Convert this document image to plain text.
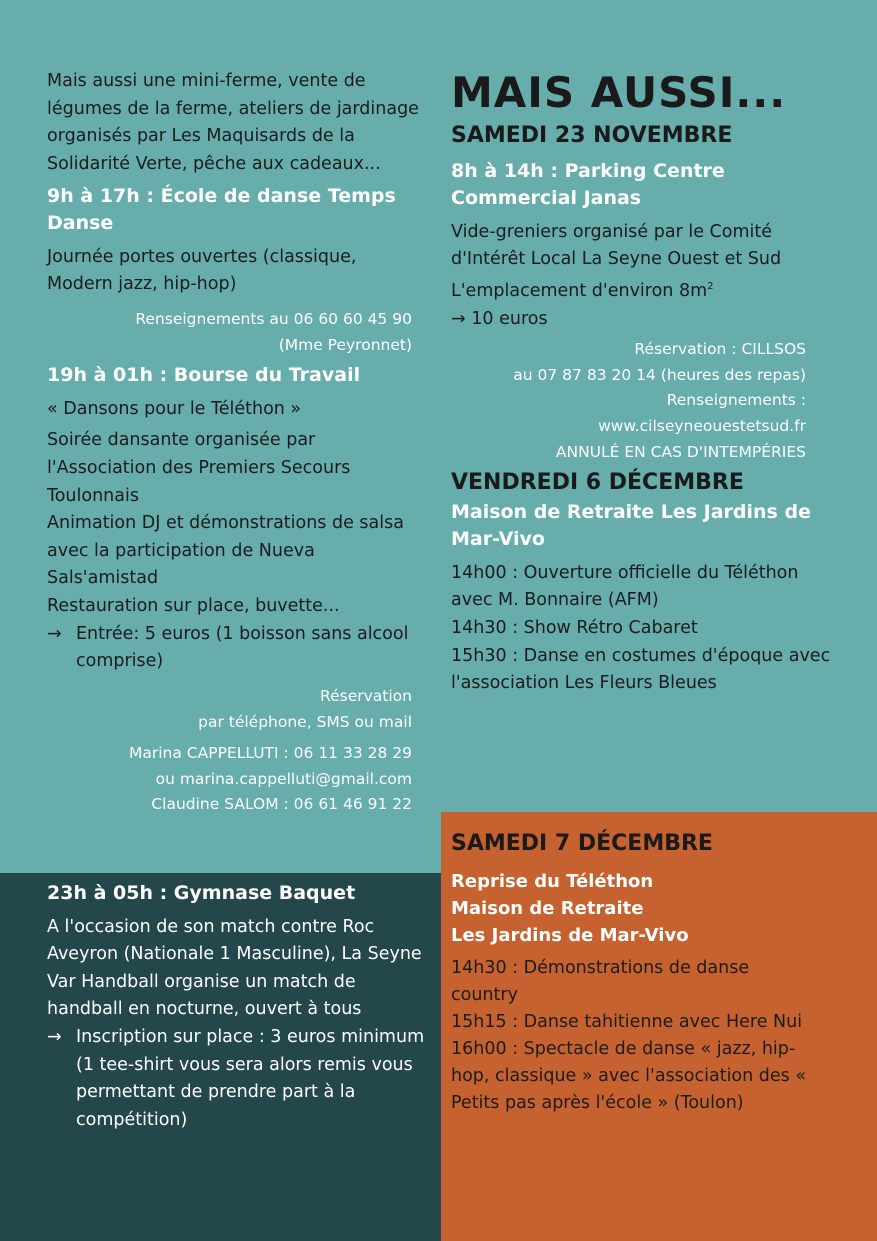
Mais aussi une mini-ferme, vente de légumes de la ferme, ateliers de jardinage organisés par Les Maquisards de la Solidarité Verte, pêche aux cadeaux...

9h à 17h : École de danse Temps Danse

Journée portes ouvertes (classique, Modern jazz, hip-hop)

Renseignements au 06 60 60 45 90
(Mme Peyronnet)
19h à 01h : Bourse du Travail

« Dansons pour le Téléthon »

Soirée dansante organisée par l'Association des Premiers Secours Toulonnais

Animation DJ et démonstrations de salsa avec la participation de Nueva Sals'amistad

Restauration sur place, buvette...

→ Entrée: 5 euros (1 boisson sans alcool comprise)
Réservation
par téléphone, SMS ou mail
Marina CAPPELLUTI : 06 11 33 28 29
ou marina.cappelluti@gmail.com
Claudine SALOM : 06 61 46 91 22
23h à 05h : Gymnase Baquet

A l'occasion de son match contre Roc Aveyron (Nationale 1 Masculine), La Seyne Var Handball organise un match de handball en nocturne, ouvert à tous

→ Inscription sur place : 3 euros minimum (1 tee-shirt vous sera alors remis vous permettant de prendre part à la compétition)
MAIS AUSSI...
SAMEDI 23 NOVEMBRE
8h à 14h : Parking Centre Commercial Janas

Vide-greniers organisé par le Comité d'Intérêt Local La Seyne Ouest et Sud

L'emplacement d'environ $8m^2$

→ 10 euros

Réservation : CILLSOS
au 07 87 83 20 14 (heures des repas)
Renseignements :
www.cilseyneouestetsud.fr
ANNULÉ EN CAS D'INTEMPÉRIES
VENDREDI 6 DÉCEMBRE
Maison de Retraite Les Jardins de Mar-Vivo

14h00 : Ouverture officielle du Téléthon avec M. Bonnaire (AFM)

14h30 : Show Rétro Cabaret

15h30 : Danse en costumes d'époque avec l'association Les Fleurs Bleues

SAMEDI 7 DÉCEMBRE
Reprise du Téléthon
Maison de Retraite
Les Jardins de Mar-Vivo

14h30 : Démonstrations de danse country

15h15 : Danse tahitienne avec Here Nui

16h00 : Spectacle de danse « jazz, hip-hop, classique » avec l'association des « Petits pas après l'école » (Toulon)
